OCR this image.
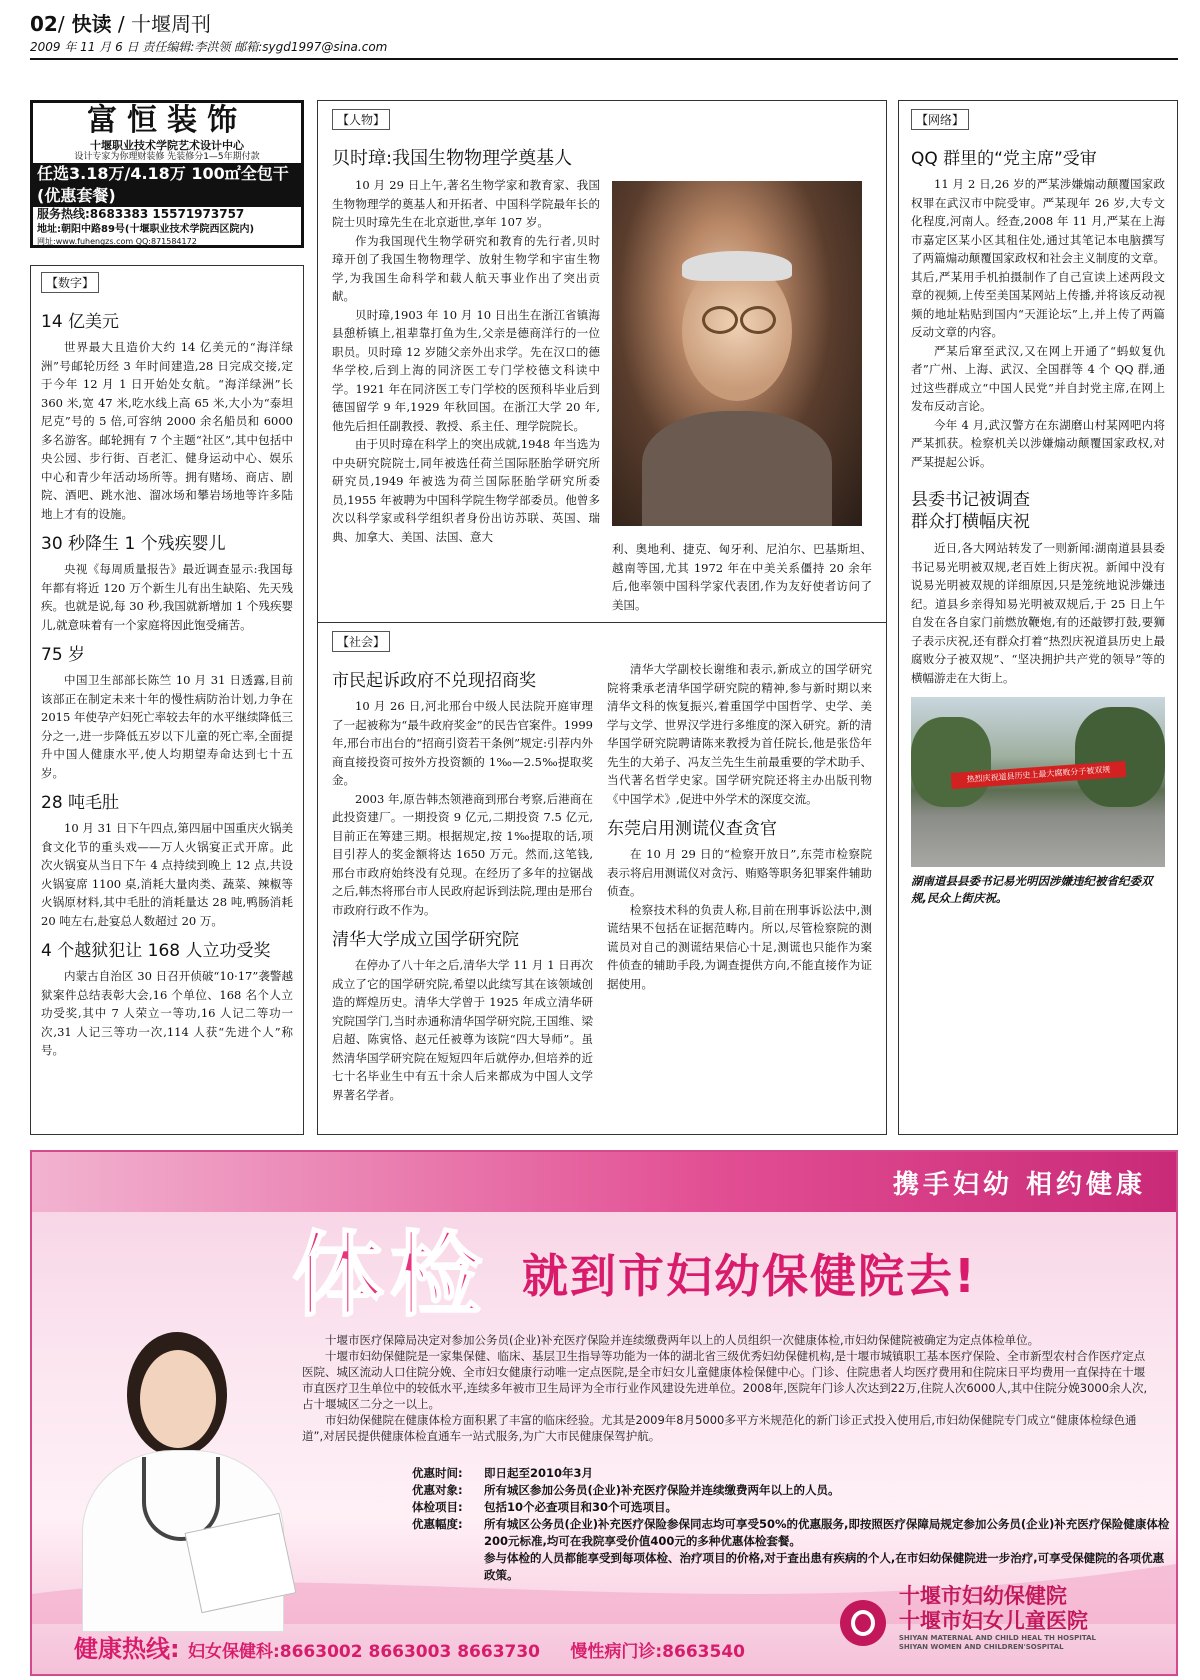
02/ 快读 / 十堰周刊
2009 年 11 月 6 日 责任编辑:李洪领 邮箱:sygd1997@sina.com
富恒装饰
十堰职业技术学院艺术设计中心
设计专家为你理财装修 先装修分1—5年期付款
任选3.18万/4.18万 100㎡全包干(优惠套餐)
服务热线:8683383 15571973757
地址:朝阳中路89号(十堰职业技术学院西区院内)
网址:www.fuhengzs.com QQ:871584172
【数字】
14 亿美元

世界最大且造价大约 14 亿美元的“海洋绿洲”号邮轮历经 3 年时间建造,28 日完成交接,定于今年 12 月 1 日开始处女航。“海洋绿洲”长 360 米,宽 47 米,吃水线上高 65 米,大小为“泰坦尼克”号的 5 倍,可容纳 2000 余名船员和 6000 多名游客。邮轮拥有 7 个主题“社区”,其中包括中央公园、步行街、百老汇、健身运动中心、娱乐中心和青少年活动场所等。拥有赌场、商店、剧院、酒吧、跳水池、溜冰场和攀岩场地等许多陆地上才有的设施。

30 秒降生 1 个残疾婴儿

央视《每周质量报告》最近调查显示:我国每年都有将近 120 万个新生儿有出生缺陷、先天残疾。也就是说,每 30 秒,我国就新增加 1 个残疾婴儿,就意味着有一个家庭将因此饱受痛苦。

75 岁

中国卫生部部长陈竺 10 月 31 日透露,目前该部正在制定未来十年的慢性病防治计划,力争在 2015 年使孕产妇死亡率较去年的水平继续降低三分之一,进一步降低五岁以下儿童的死亡率,全面提升中国人健康水平,使人均期望寿命达到七十五岁。

28 吨毛肚

10 月 31 日下午四点,第四届中国重庆火锅美食文化节的重头戏——万人火锅宴正式开席。此次火锅宴从当日下午 4 点持续到晚上 12 点,共设火锅宴席 1100 桌,消耗大量肉类、蔬菜、辣椒等火锅原材料,其中毛肚的消耗量达 28 吨,鸭肠消耗 20 吨左右,赴宴总人数超过 20 万。

4 个越狱犯让 168 人立功受奖

内蒙古自治区 30 日召开侦破“10·17”袭警越狱案件总结表彰大会,16 个单位、168 名个人立功受奖,其中 7 人荣立一等功,16 人记二等功一次,31 人记三等功一次,114 人获“先进个人”称号。

【人物】
贝时璋:我国生物物理学奠基人

10 月 29 日上午,著名生物学家和教育家、我国生物物理学的奠基人和开拓者、中国科学院最年长的院士贝时璋先生在北京逝世,享年 107 岁。

作为我国现代生物学研究和教育的先行者,贝时璋开创了我国生物物理学、放射生物学和宇宙生物学,为我国生命科学和载人航天事业作出了突出贡献。

贝时璋,1903 年 10 月 10 日出生在浙江省镇海县憩桥镇上,祖辈靠打鱼为生,父亲是德商洋行的一位职员。贝时璋 12 岁随父亲外出求学。先在汉口的德华学校,后到上海的同济医工专门学校德文科读中学。1921 年在同济医工专门学校的医预科毕业后到德国留学 9 年,1929 年秋回国。在浙江大学 20 年,他先后担任副教授、教授、系主任、理学院院长。

由于贝时璋在科学上的突出成就,1948 年当选为中央研究院院士,同年被选任荷兰国际胚胎学研究所研究员,1949 年被选为荷兰国际胚胎学研究所委员,1955 年被聘为中国科学院生物学部委员。他曾多次以科学家或科学组织者身份出访苏联、英国、瑞典、加拿大、美国、法国、意大

利、奥地利、捷克、匈牙利、尼泊尔、巴基斯坦、越南等国,尤其 1972 年在中美关系僵持 20 余年后,他率领中国科学家代表团,作为友好使者访问了美国。

【社会】
市民起诉政府不兑现招商奖

10 月 26 日,河北邢台中级人民法院开庭审理了一起被称为“最牛政府奖金”的民告官案件。1999 年,邢台市出台的“招商引资若干条例”规定:引荐内外商直接投资可按外方投资额的 1‰—2.5‰提取奖金。

2003 年,原告韩杰领港商到邢台考察,后港商在此投资建厂。一期投资 9 亿元,二期投资 7.5 亿元,目前正在筹建三期。根据规定,按 1‰提取的话,项目引荐人的奖金额将达 1650 万元。然而,这笔钱,邢台市政府始终没有兑现。在经历了多年的拉锯战之后,韩杰将邢台市人民政府起诉到法院,理由是邢台市政府行政不作为。

清华大学成立国学研究院

在停办了八十年之后,清华大学 11 月 1 日再次成立了它的国学研究院,希望以此续写其在该领域创造的辉煌历史。清华大学曾于 1925 年成立清华研究院国学门,当时赤通称清华国学研究院,王国维、梁启超、陈寅恪、赵元任被尊为该院“四大导师”。虽然清华国学研究院在短短四年后就停办,但培养的近七十名毕业生中有五十余人后来都成为中国人文学界著名学者。

清华大学副校长谢维和表示,新成立的国学研究院将秉承老清华国学研究院的精神,参与新时期以来清华文科的恢复振兴,着重国学中国哲学、史学、美学与文学、世界汉学进行多维度的深入研究。新的清华国学研究院聘请陈来教授为首任院长,他是张岱年先生的大弟子、冯友兰先生生前最重要的学术助手、当代著名哲学史家。国学研究院还将主办出版刊物《中国学术》,促进中外学术的深度交流。

东莞启用测谎仪查贪官

在 10 月 29 日的“检察开放日”,东莞市检察院表示将启用测谎仪对贪污、贿赂等职务犯罪案件辅助侦查。

检察技术科的负责人称,目前在刑事诉讼法中,测谎结果不包括在证据范畴内。所以,尽管检察院的测谎员对自己的测谎结果信心十足,测谎也只能作为案件侦查的辅助手段,为调查提供方向,不能直接作为证据使用。

【网络】
QQ 群里的“党主席”受审

11 月 2 日,26 岁的严某涉嫌煽动颠覆国家政权罪在武汉市中院受审。严某现年 26 岁,大专文化程度,河南人。经查,2008 年 11 月,严某在上海市嘉定区某小区其租住处,通过其笔记本电脑撰写了两篇煽动颠覆国家政权和社会主义制度的文章。其后,严某用手机拍摄制作了自己宣读上述两段文章的视频,上传至美国某网站上传播,并将该反动视频的地址粘贴到国内“天涯论坛”上,并上传了两篇反动文章的内容。

严某后窜至武汉,又在网上开通了“蚂蚁复仇者”广州、上海、武汉、全国群等 4 个 QQ 群,通过这些群成立“中国人民党”并自封党主席,在网上发布反动言论。

今年 4 月,武汉警方在东湖磨山村某网吧内将严某抓获。检察机关以涉嫌煽动颠覆国家政权,对严某提起公诉。

县委书记被调查
群众打横幅庆祝

近日,各大网站转发了一则新闻:湖南道县县委书记易光明被双规,老百姓上街庆祝。新闻中没有说易光明被双规的详细原因,只是笼统地说涉嫌违纪。道县乡亲得知易光明被双规后,于 25 日上午自发在各自家门前燃放鞭炮,有的还敲锣打鼓,要狮子表示庆祝,还有群众打着“热烈庆祝道县历史上最腐败分子被双规”、“坚决拥护共产党的领导”等的横幅游走在大街上。

热烈庆祝道县历史上最大腐败分子被双规
湖南道县县委书记易光明因涉嫌违纪被省纪委双规,民众上街庆祝。
携手妇幼 相约健康
体检 就到市妇幼保健院去!

十堰市医疗保障局决定对参加公务员(企业)补充医疗保险并连续缴费两年以上的人员组织一次健康体检,市妇幼保健院被确定为定点体检单位。

十堰市妇幼保健院是一家集保健、临床、基层卫生指导等功能为一体的湖北省三级优秀妇幼保健机构,是十堰市城镇职工基本医疗保险、全市新型农村合作医疗定点医院、城区流动人口住院分娩、全市妇女健康行动唯一定点医院,是全市妇女儿童健康体检保健中心。门诊、住院患者人均医疗费用和住院床日平均费用一直保持在十堰市直医疗卫生单位中的较低水平,连续多年被市卫生局评为全市行业作风建设先进单位。2008年,医院年门诊人次达到22万,住院人次6000人,其中住院分娩3000余人次,占十堰城区二分之一以上。

市妇幼保健院在健康体检方面积累了丰富的临床经验。尤其是2009年8月5000多平方米规范化的新门诊正式投入使用后,市妇幼保健院专门成立“健康体检绿色通道”,对居民提供健康体检直通车一站式服务,为广大市民健康保驾护航。

优惠时间:	即日起至2010年3月
优惠对象:	所有城区参加公务员(企业)补充医疗保险并连续缴费两年以上的人员。
体检项目:	包括10个必查项目和30个可选项目。
优惠幅度:	所有城区公务员(企业)补充医疗保险参保同志均可享受50%的优惠服务,即按照医疗保障局规定参加公务员(企业)补充医疗保险健康体检200元标准,均可在我院享受价值400元的多种优惠体检套餐。
参与体检的人员都能享受到每项体检、治疗项目的价格,对于查出患有疾病的个人,在市妇幼保健院进一步治疗,可享受保健院的各项优惠政策。
健康热线: 妇女保健科:8663002 8663003 8663730 慢性病门诊:8663540
十堰市妇幼保健院
十堰市妇女儿童医院
SHIYAN MATERNAL AND CHILD HEAL TH HOSPITAL
SHIYAN WOMEN AND CHILDREN'SOSPITAL
